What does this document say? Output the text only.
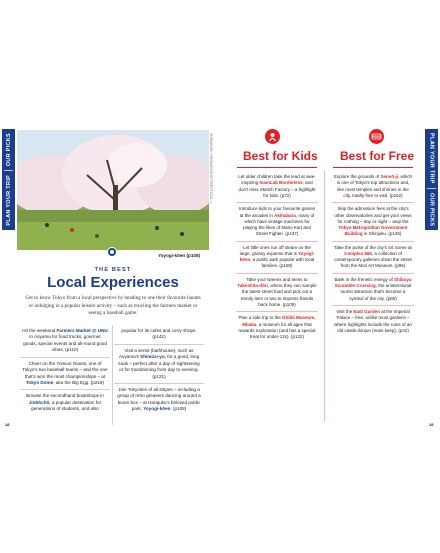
OUR PICKS
PLAN YOUR TRIP	SHIMANUKI YUKINARI/SHUTTERSTOCK ©
Yoyogi-kōen (p108)
THE BEST
Local Experiences
Get to know Tokyo from a local perspective by heading to one their favourite haunts or indulging in a popular leisure activity – such as trawling the farmers market or seeing a baseball game.

Hit the weekend Farmers Market @ UNU in Aoyama for food trucks, gourmet goods, special events and all-round good vibes. (p110)

Cheer on the Yomiuri Giants, one of Tokyo's two baseball teams – and the one that's won the most championships – at Tokyo Dome, aka the Big Egg. (p219)

Browse the secondhand bookshops in Jinbōchō, a popular destination for generations of students, and also

popular for its cafes and curry shops. (p142)

Visit a sentō (bathhouse), such as Aoyama's Shimizu-yu, for a good, long soak – perfect after a day of sightseeing or for transitioning from day to evening. (p121)

Join Tokyoites of all stripes – including a group of retro greasers dancing around a boom box – at Harajuku's beloved public park, Yoyogi-kōen. (p108)

18
PLAN YOUR TRIP
OUR PICKS
FREE
Best for Kids Best for Free

Let older children take the lead at awe-inspiring teamLab Borderless, and don't miss Sketch Factory – a highlight for kids. (p72)

Introduce kids to your favourite games at the arcades in Akihabara, many of which have vintage machines for playing the likes of Mario Kart and Street Fighter. (p137)

Let little ones run off steam on the large, grassy expanse that is Yoyogi-kōen, a public park popular with local families. (p108)

Take your tweens and teens to Takeshita-dōri, where they can sample the latest street food and pick out a trendy item or two to impress friends back home. (p109)

Plan a side trip to the Ghibli Museum, Mitaka, a museum for all ages that rewards exploration (and has a special treat for under-12s). (p132)

Explore the grounds of Sensō-ji, which is one of Tokyo's top attractions and, like most temples and shrines in the city, totally free to visit. (p162)

Skip the admission fees at the city's other observatories and get your views for nothing – day or night – atop the Tokyo Metropolitan Government Building in Shinjuku. (p126)

Take the pulse of the city's art scene at Complex 665, a collection of contemporary galleries down the street from the Mori Art Museum. (p96)

Bask in the frenetic energy of Shibuya Scramble Crossing, the unintentional tourist attraction that's become a symbol of the city. (p85)

Visit the East Garden at the Imperial Palace – free, unlike most gardens – where highlights include the ruins of an old castle donjon (main keep). (p42)

19
